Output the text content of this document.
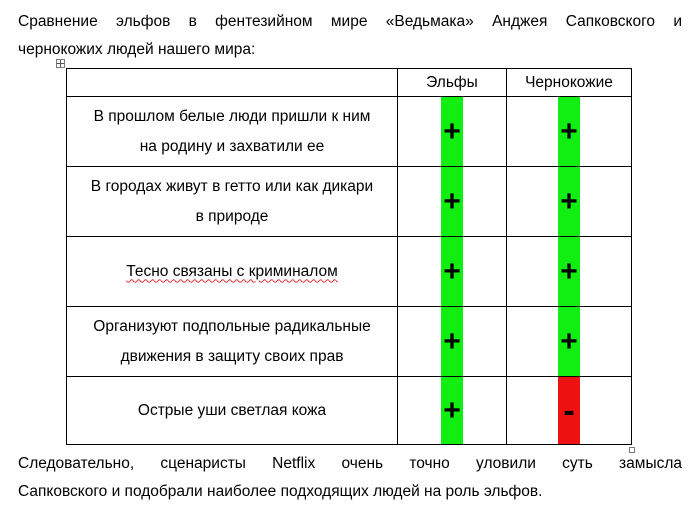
Сравнение эльфов в фентезийном мире «Ведьмака» Анджея Сапковского и
чернокожих людей нашего мира:
	Эльфы	Чернокожие
В прошлом белые люди пришли к ним
на родину и захватили ее	+	+

В городах живут в гетто или как дикари
в природе	+	+

Тесно связаны с криминалом	+	+

Организуют подпольные радикальные
движения в защиту своих прав	+	+

Острые уши светлая кожа	+	-
Следовательно, сценаристы Netflix очень точно уловили суть замысла
Сапковского и подобрали наиболее подходящих людей на роль эльфов.
